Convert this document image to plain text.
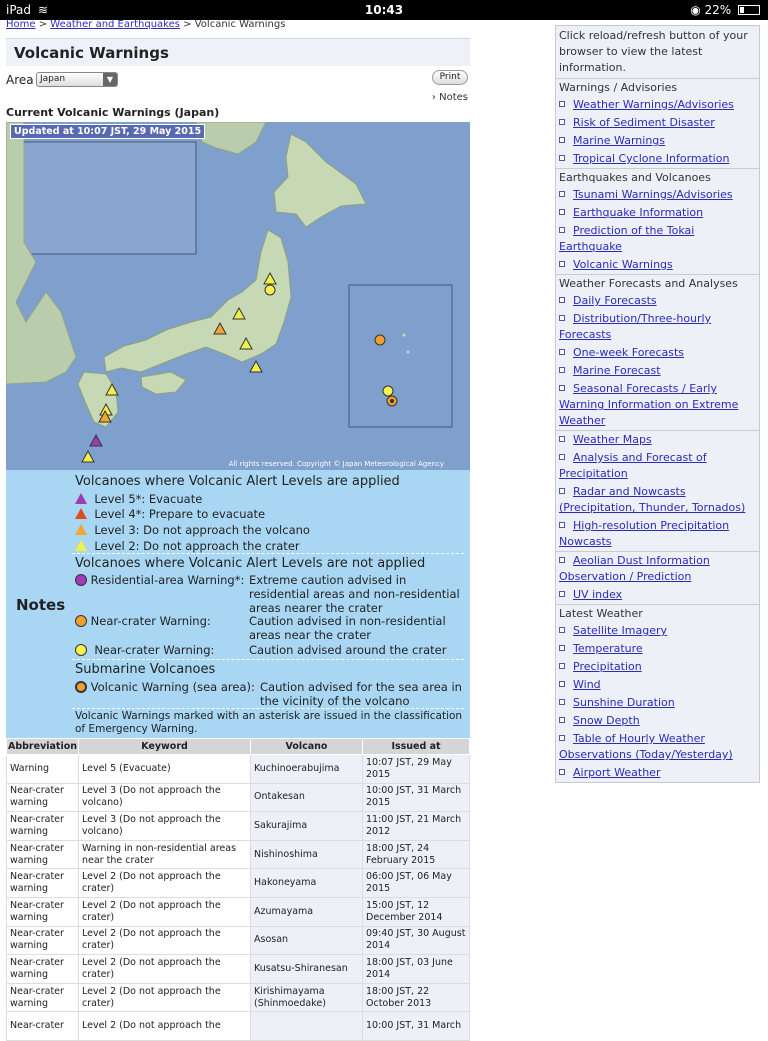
iPad ≋	10:43	◉ 22%
Home > Weather and Earthquakes > Volcanic Warnings
Volcanic Warnings
Area Japan	▼	Print
› Notes
Current Volcanic Warnings (Japan)
Updated at 10:07 JST, 29 May 2015
All rights reserved. Copyright © Japan Meteorological Agency
Notes
Volcanoes where Volcanic Alert Levels are applied
Level 5*: Evacuate
Level 4*: Prepare to evacuate
Level 3: Do not approach the volcano
Level 2: Do not approach the crater
Volcanoes where Volcanic Alert Levels are not applied
Residential-area Warning*: Extreme caution advised in residential areas and non-residential areas nearer the crater
Near-crater Warning:	Caution advised in non-residential areas near the crater
Near-crater Warning:	Caution advised around the crater
Submarine Volcanoes
Volcanic Warning (sea area): Caution advised for the sea area in the vicinity of the volcano
Volcanic Warnings marked with an asterisk are issued in the classification of Emergency Warning.
Abbreviation	Keyword	Volcano	Issued at
Warning	Level 5 (Evacuate)	Kuchinoerabujima	10:07 JST, 29 May 2015
Near-crater warning	Level 3 (Do not approach the volcano)	Ontakesan	10:00 JST, 31 March 2015
Near-crater warning	Level 3 (Do not approach the volcano)	Sakurajima	11:00 JST, 21 March 2012
Near-crater warning	Warning in non-residential areas near the crater	Nishinoshima	18:00 JST, 24 February 2015
Near-crater warning	Level 2 (Do not approach the crater)	Hakoneyama	06:00 JST, 06 May 2015
Near-crater warning	Level 2 (Do not approach the crater)	Azumayama	15:00 JST, 12 December 2014
Near-crater warning	Level 2 (Do not approach the crater)	Asosan	09:40 JST, 30 August 2014
Near-crater warning	Level 2 (Do not approach the crater)	Kusatsu-Shiranesan	18:00 JST, 03 June 2014
Near-crater warning	Level 2 (Do not approach the crater)	Kirishimayama (Shinmoedake)	18:00 JST, 22 October 2013
Near-crater	Level 2 (Do not approach the		10:00 JST, 31 March
Click reload/refresh button of your browser to view the latest information.
Warnings / Advisories
Weather Warnings/Advisories
Risk of Sediment Disaster
Marine Warnings
Tropical Cyclone Information
Earthquakes and Volcanoes
Tsunami Warnings/Advisories
Earthquake Information
Prediction of the Tokai Earthquake
Volcanic Warnings
Weather Forecasts and Analyses
Daily Forecasts
Distribution/Three-hourly Forecasts
One-week Forecasts
Marine Forecast
Seasonal Forecasts / Early Warning Information on Extreme Weather
Weather Maps
Analysis and Forecast of Precipitation
Radar and Nowcasts (Precipitation, Thunder, Tornados)
High-resolution Precipitation Nowcasts
Aeolian Dust Information Observation / Prediction
UV index
Latest Weather
Satellite Imagery
Temperature
Precipitation
Wind
Sunshine Duration
Snow Depth
Table of Hourly Weather Observations (Today/Yesterday)
Airport Weather
